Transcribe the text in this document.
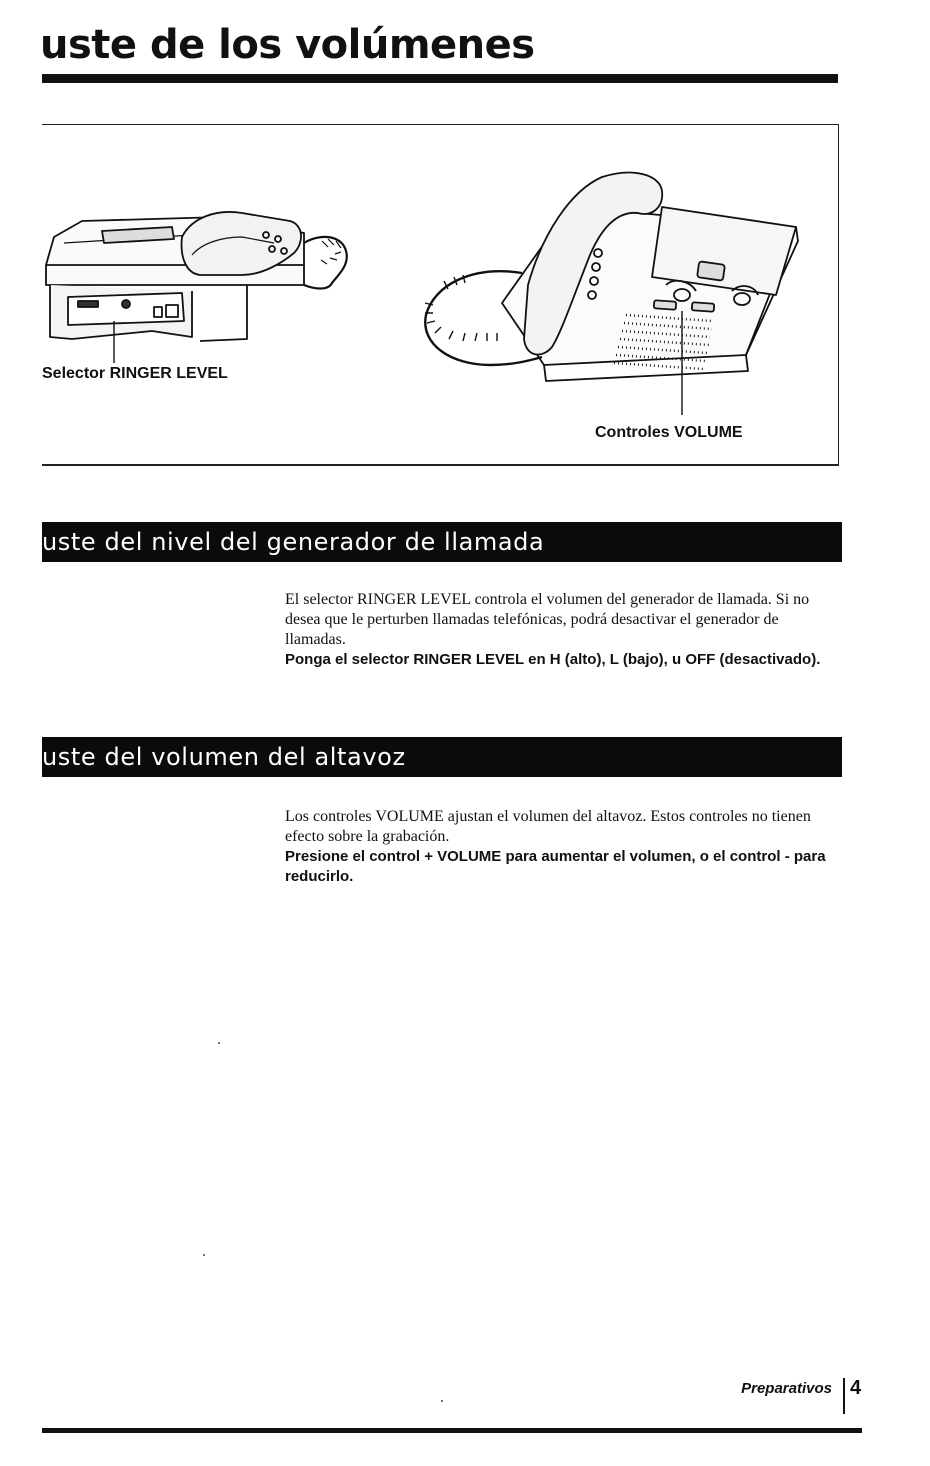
uste de los volúmenes
Selector RINGER LEVEL
Controles VOLUME
uste del nivel del generador de llamada

El selector RINGER LEVEL controla el volumen del generador de llamada. Si no desea que le perturben llamadas telefónicas, podrá desactivar el generador de llamadas.

Ponga el selector RINGER LEVEL en H (alto), L (bajo), u OFF (desactivado).

uste del volumen del altavoz

Los controles VOLUME ajustan el volumen del altavoz. Estos controles no tienen efecto sobre la grabación.

Presione el control + VOLUME para aumentar el volumen, o el control - para reducirlo.

Preparativos 4
